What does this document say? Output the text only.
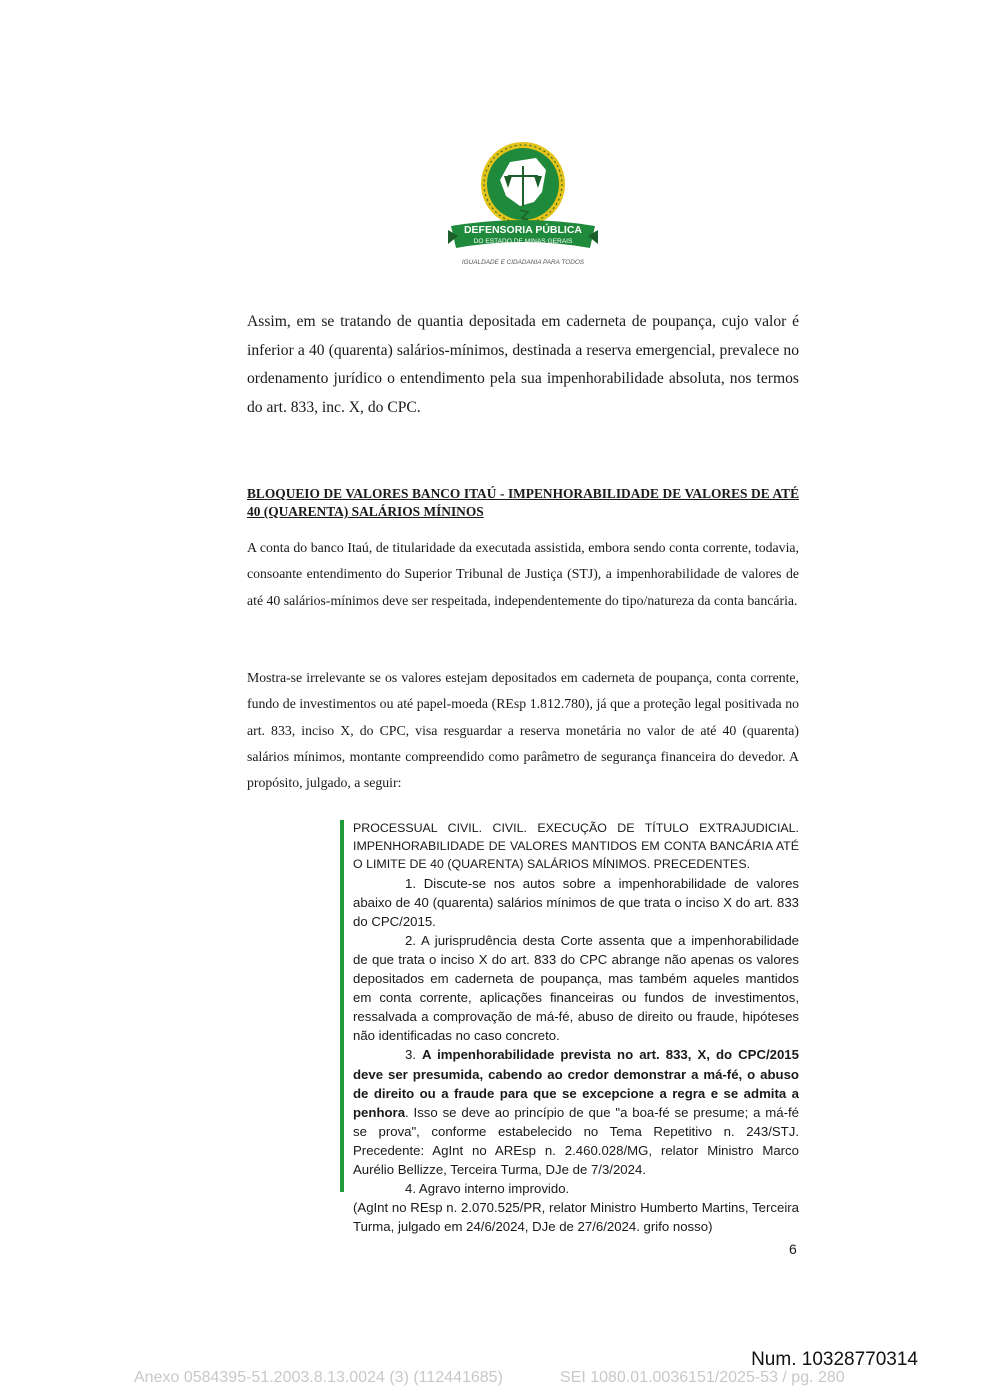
DEFENSORIA PÚBLICA
DO ESTADO DE MINAS GERAIS
IGUALDADE E CIDADANIA PARA TODOS

Assim, em se tratando de quantia depositada em caderneta de poupança, cujo valor é inferior a 40 (quarenta) salários-mínimos, destinada a reserva emergencial, prevalece no ordenamento jurídico o entendimento pela sua impenhorabilidade absoluta, nos termos do art. 833, inc. X, do CPC.

BLOQUEIO DE VALORES BANCO ITAÚ - IMPENHORABILIDADE DE VALORES DE ATÉ 40 (QUARENTA) SALÁRIOS MÍNINOS

A conta do banco Itaú, de titularidade da executada assistida, embora sendo conta corrente, todavia, consoante entendimento do Superior Tribunal de Justiça (STJ), a impenhorabilidade de valores de até 40 salários-mínimos deve ser respeitada, independentemente do tipo/natureza da conta bancária.

Mostra-se irrelevante se os valores estejam depositados em caderneta de poupança, conta corrente, fundo de investimentos ou até papel-moeda (REsp 1.812.780), já que a proteção legal positivada no art. 833, inciso X, do CPC, visa resguardar a reserva monetária no valor de até 40 (quarenta) salários mínimos, montante compreendido como parâmetro de segurança financeira do devedor. A propósito, julgado, a seguir:

PROCESSUAL CIVIL. CIVIL. EXECUÇÃO DE TÍTULO EXTRAJUDICIAL. IMPENHORABILIDADE DE VALORES MANTIDOS EM CONTA BANCÁRIA ATÉ O LIMITE DE 40 (QUARENTA) SALÁRIOS MÍNIMOS. PRECEDENTES.

1. Discute-se nos autos sobre a impenhorabilidade de valores abaixo de 40 (quarenta) salários mínimos de que trata o inciso X do art. 833 do CPC/2015.

2. A jurisprudência desta Corte assenta que a impenhorabilidade de que trata o inciso X do art. 833 do CPC abrange não apenas os valores depositados em caderneta de poupança, mas também aqueles mantidos em conta corrente, aplicações financeiras ou fundos de investimentos, ressalvada a comprovação de má-fé, abuso de direito ou fraude, hipóteses não identificadas no caso concreto.

3. A impenhorabilidade prevista no art. 833, X, do CPC/2015 deve ser presumida, cabendo ao credor demonstrar a má-fé, o abuso de direito ou a fraude para que se excepcione a regra e se admita a penhora. Isso se deve ao princípio de que "a boa-fé se presume; a má-fé se prova", conforme estabelecido no Tema Repetitivo n. 243/STJ. Precedente: AgInt no AREsp n. 2.460.028/MG, relator Ministro Marco Aurélio Bellizze, Terceira Turma, DJe de 7/3/2024.

4. Agravo interno improvido.

(AgInt no REsp n. 2.070.525/PR, relator Ministro Humberto Martins, Terceira Turma, julgado em 24/6/2024, DJe de 27/6/2024. grifo nosso)

6
Num. 10328770314
Anexo 0584395-51.2003.8.13.0024 (3) (112441685)	SEI 1080.01.0036151/2025-53 / pg. 280
